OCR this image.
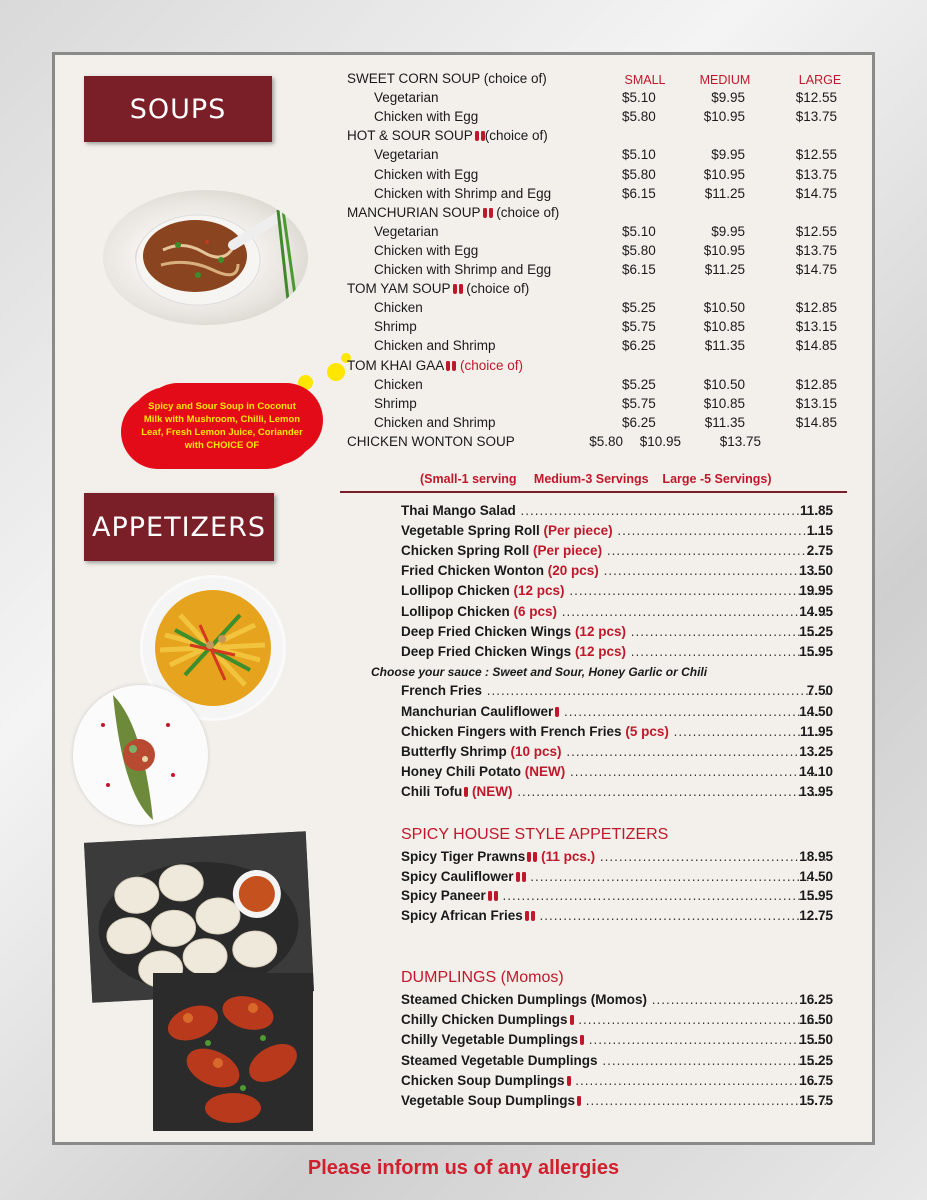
SOUPS
Spicy and Sour Soup in Coconut Milk with Mushroom, Chilli, Lemon Leaf, Fresh Lemon Juice, Coriander with CHOICE OF
SMALL	MEDIUM	LARGE
SWEET CORN SOUP (choice of)
Vegetarian	$5.10	$9.95	$12.55
Chicken with Egg	$5.80	$10.95	$13.75
HOT & SOUR SOUP (choice of)
Vegetarian	$5.10	$9.95	$12.55
Chicken with Egg	$5.80	$10.95	$13.75
Chicken with Shrimp and Egg	$6.15	$11.25	$14.75
MANCHURIAN SOUP (choice of)
Vegetarian	$5.10	$9.95	$12.55
Chicken with Egg	$5.80	$10.95	$13.75
Chicken with Shrimp and Egg	$6.15	$11.25	$14.75
TOM YAM SOUP (choice of)
Chicken	$5.25	$10.50	$12.85
Shrimp	$5.75	$10.85	$13.15
Chicken and Shrimp	$6.25	$11.35	$14.85
TOM KHAI GAA (choice of)
Chicken	$5.25	$10.50	$12.85
Shrimp	$5.75	$10.85	$13.15
Chicken and Shrimp	$6.25	$11.35	$14.85
CHICKEN WONTON SOUP	$5.80	$10.95	$13.75
(Small-1 serving     Medium-3 Servings    Large -5 Servings)
APPETIZERS
Thai Mango Salad .....	11.85
Vegetable Spring Roll (Per piece) .....	1.15
Chicken Spring Roll (Per piece) .....	2.75
Fried Chicken Wonton (20 pcs) .....	13.50
Lollipop Chicken (12 pcs) .....	19.95
Lollipop Chicken (6 pcs) .....	14.95
Deep Fried Chicken Wings (12 pcs) .....	15.25
Deep Fried Chicken Wings (12 pcs) .....	15.95
Choose your sauce : Sweet and Sour, Honey Garlic or Chili
French Fries .....	7.50
Manchurian Cauliflower .....	14.50
Chicken Fingers with French Fries (5 pcs) .....	11.95
Butterfly Shrimp (10 pcs) .....	13.25
Honey Chili Potato (NEW) .....	14.10
Chili Tofu (NEW) .....	13.95
SPICY HOUSE STYLE APPETIZERS
Spicy Tiger Prawns (11 pcs.) .....	18.95
Spicy Cauliflower .....	14.50
Spicy Paneer .....	15.95
Spicy African Fries .....	12.75
DUMPLINGS (Momos)
Steamed Chicken Dumplings (Momos) .....	16.25
Chilly Chicken Dumplings .....	16.50
Chilly Vegetable Dumplings .....	15.50
Steamed Vegetable Dumplings .....	15.25
Chicken Soup Dumplings .....	16.75
Vegetable Soup Dumplings .....	15.75
Please inform us of any allergies
